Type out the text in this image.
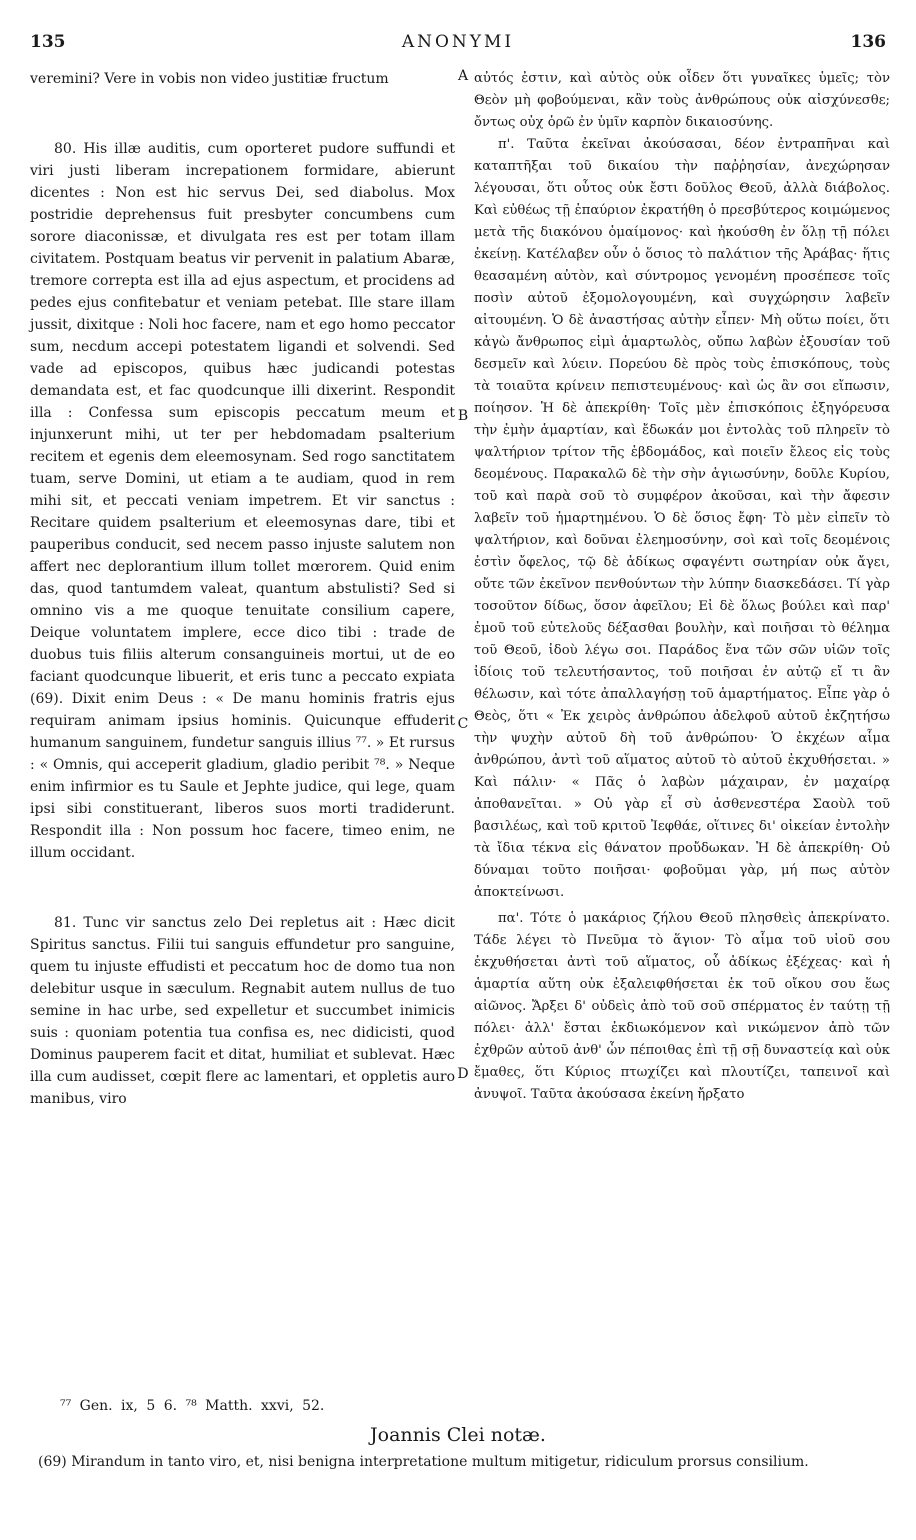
135	ANONYMI	136

veremini? Vere in vobis non video justitiæ fructum

80. His illæ auditis, cum oporteret pudore suffundi et viri justi liberam increpationem formidare, abierunt dicentes : Non est hic servus Dei, sed diabolus. Mox postridie deprehensus fuit presbyter concumbens cum sorore diaconissæ, et divulgata res est per totam illam civitatem. Postquam beatus vir pervenit in palatium Abaræ, tremore correpta est illa ad ejus aspectum, et procidens ad pedes ejus confitebatur et veniam petebat. Ille stare illam jussit, dixitque : Noli hoc facere, nam et ego homo peccator sum, necdum accepi potestatem ligandi et solvendi. Sed vade ad episcopos, quibus hæc judicandi potestas demandata est, et fac quodcunque illi dixerint. Respondit illa : Confessa sum episcopis peccatum meum et injunxerunt mihi, ut ter per hebdomadam psalterium recitem et egenis dem eleemosynam. Sed rogo sanctitatem tuam, serve Domini, ut etiam a te audiam, quod in rem mihi sit, et peccati veniam impetrem. Et vir sanctus : Recitare quidem psalterium et eleemosynas dare, tibi et pauperibus conducit, sed necem passo injuste salutem non affert nec deplorantium illum tollet mœrorem. Quid enim das, quod tantumdem valeat, quantum abstulisti? Sed si omnino vis a me quoque tenuitate consilium capere, Deique voluntatem implere, ecce dico tibi : trade de duobus tuis filiis alterum consanguineis mortui, ut de eo faciant quodcunque libuerit, et eris tunc a peccato expiata (69). Dixit enim Deus : « De manu hominis fratris ejus requiram animam ipsius hominis. Quicunque effuderit humanum sanguinem, fundetur sanguis illius ⁷⁷. » Et rursus : « Omnis, qui acceperit gladium, gladio peribit ⁷⁸. » Neque enim infirmior es tu Saule et Jephte judice, qui lege, quam ipsi sibi constituerant, liberos suos morti tradiderunt. Respondit illa : Non possum hoc facere, timeo enim, ne illum occidant.

81. Tunc vir sanctus zelo Dei repletus ait : Hæc dicit Spiritus sanctus. Filii tui sanguis effundetur pro sanguine, quem tu injuste effudisti et peccatum hoc de domo tua non delebitur usque in sæculum. Regnabit autem nullus de tuo semine in hac urbe, sed expelletur et succumbet inimicis suis : quoniam potentia tua confisa es, nec didicisti, quod Dominus pauperem facit et ditat, humiliat et sublevat. Hæc illa cum audisset, cœpit flere ac lamentari, et oppletis auro manibus, viro

A
B
C
D

αὐτός ἐστιν, καὶ αὐτὸς οὐκ οἶδεν ὅτι γυναῖκες ὑμεῖς; τὸν Θεὸν μὴ φοβούμεναι, κἂν τοὺς ἀνθρώπους οὐκ αἰσχύνεσθε; ὄντως οὐχ ὁρῶ ἐν ὑμῖν καρπὸν δικαιοσύνης.

π'. Ταῦτα ἐκεῖναι ἀκούσασαι, δέον ἐντραπῆναι καὶ καταπτῆξαι τοῦ δικαίου τὴν παῤῥησίαν, ἀνεχώρησαν λέγουσαι, ὅτι οὗτος οὐκ ἔστι δοῦλος Θεοῦ, ἀλλὰ διάβολος. Καὶ εὐθέως τῇ ἐπαύριον ἐκρατήθη ὁ πρεσβύτερος κοιμώμενος μετὰ τῆς διακόνου ὁμαίμονος· καὶ ἠκούσθη ἐν ὅλῃ τῇ πόλει ἐκείνῃ. Κατέλαβεν οὖν ὁ ὅσιος τὸ παλάτιον τῆς Ἀράβας· ἥτις θεασαμένη αὐτὸν, καὶ σύντρομος γενομένη προσέπεσε τοῖς ποσὶν αὐτοῦ ἐξομολογουμένη, καὶ συγχώρησιν λαβεῖν αἰτουμένη. Ὁ δὲ ἀναστήσας αὐτὴν εἶπεν· Μὴ οὕτω ποίει, ὅτι κἀγὼ ἄνθρωπος εἰμὶ ἁμαρτωλὸς, οὔπω λαβὼν ἐξουσίαν τοῦ δεσμεῖν καὶ λύειν. Πορεύου δὲ πρὸς τοὺς ἐπισκόπους, τοὺς τὰ τοιαῦτα κρίνειν πεπιστευμένους· καὶ ὡς ἂν σοι εἴπωσιν, ποίησον. Ἡ δὲ ἀπεκρίθη· Τοῖς μὲν ἐπισκόποις ἐξηγόρευσα τὴν ἐμὴν ἁμαρτίαν, καὶ ἔδωκάν μοι ἐντολὰς τοῦ πληρεῖν τὸ ψαλτήριον τρίτον τῆς ἑβδομάδος, καὶ ποιεῖν ἔλεος εἰς τοὺς δεομένους. Παρακαλῶ δὲ τὴν σὴν ἁγιωσύνην, δοῦλε Κυρίου, τοῦ καὶ παρὰ σοῦ τὸ συμφέρον ἀκοῦσαι, καὶ τὴν ἄφεσιν λαβεῖν τοῦ ἡμαρτημένου. Ὁ δὲ ὅσιος ἔφη· Τὸ μὲν εἰπεῖν τὸ ψαλτήριον, καὶ δοῦναι ἐλεημοσύνην, σοὶ καὶ τοῖς δεομένοις ἐστὶν ὄφελος, τῷ δὲ ἀδίκως σφαγέντι σωτηρίαν οὐκ ἄγει, οὔτε τῶν ἐκεῖνον πενθούντων τὴν λύπην διασκεδάσει. Τί γὰρ τοσοῦτον δίδως, ὅσον ἀφεῖλου; Εἰ δὲ ὅλως βούλει καὶ παρ' ἐμοῦ τοῦ εὐτελοῦς δέξασθαι βουλὴν, καὶ ποιῆσαι τὸ θέλημα τοῦ Θεοῦ, ἰδοὺ λέγω σοι. Παράδος ἕνα τῶν σῶν υἱῶν τοῖς ἰδίοις τοῦ τελευτήσαντος, τοῦ ποιῆσαι ἐν αὐτῷ εἴ τι ἂν θέλωσιν, καὶ τότε ἀπαλλαγήσῃ τοῦ ἁμαρτήματος. Εἶπε γὰρ ὁ Θεὸς, ὅτι « Ἐκ χειρὸς ἀνθρώπου ἀδελφοῦ αὐτοῦ ἐκζητήσω τὴν ψυχὴν αὐτοῦ δὴ τοῦ ἀνθρώπου· Ὁ ἐκχέων αἷμα ἀνθρώπου, ἀντὶ τοῦ αἵματος αὐτοῦ τὸ αὐτοῦ ἐκχυθήσεται. » Καὶ πάλιν· « Πᾶς ὁ λαβὼν μάχαιραν, ἐν μαχαίρᾳ ἀποθανεῖται. » Οὐ γὰρ εἶ σὺ ἀσθενεστέρα Σαοὺλ τοῦ βασιλέως, καὶ τοῦ κριτοῦ Ἰεφθάε, οἵτινες δι' οἰκείαν ἐντολὴν τὰ ἴδια τέκνα εἰς θάνατον προὔδωκαν. Ἡ δὲ ἀπεκρίθη· Οὐ δύναμαι τοῦτο ποιῆσαι· φοβοῦμαι γὰρ, μή πως αὐτὸν ἀποκτείνωσι.

πα'. Τότε ὁ μακάριος ζήλου Θεοῦ πλησθεὶς ἀπεκρίνατο. Τάδε λέγει τὸ Πνεῦμα τὸ ἅγιον· Τὸ αἷμα τοῦ υἱοῦ σου ἐκχυθήσεται ἀντὶ τοῦ αἵματος, οὗ ἀδίκως ἐξέχεας· καὶ ἡ ἁμαρτία αὕτη οὐκ ἐξαλειφθήσεται ἐκ τοῦ οἴκου σου ἕως αἰῶνος. Ἄρξει δ' οὐδεὶς ἀπὸ τοῦ σοῦ σπέρματος ἐν ταύτῃ τῇ πόλει· ἀλλ' ἔσται ἐκδιωκόμενον καὶ νικώμενον ἀπὸ τῶν ἐχθρῶν αὐτοῦ ἀνθ' ὧν πέποιθας ἐπὶ τῇ σῇ δυναστείᾳ καὶ οὐκ ἔμαθες, ὅτι Κύριος πτωχίζει καὶ πλουτίζει, ταπεινοῖ καὶ ἀνυψοῖ. Ταῦτα ἀκούσασα ἐκείνη ἤρξατο

⁷⁷ Gen. ix, 5 6. ⁷⁸ Matth. xxvi, 52.
Joannis Clei notæ.
(69) Mirandum in tanto viro, et, nisi benigna interpretatione multum mitigetur, ridiculum prorsus consilium.
